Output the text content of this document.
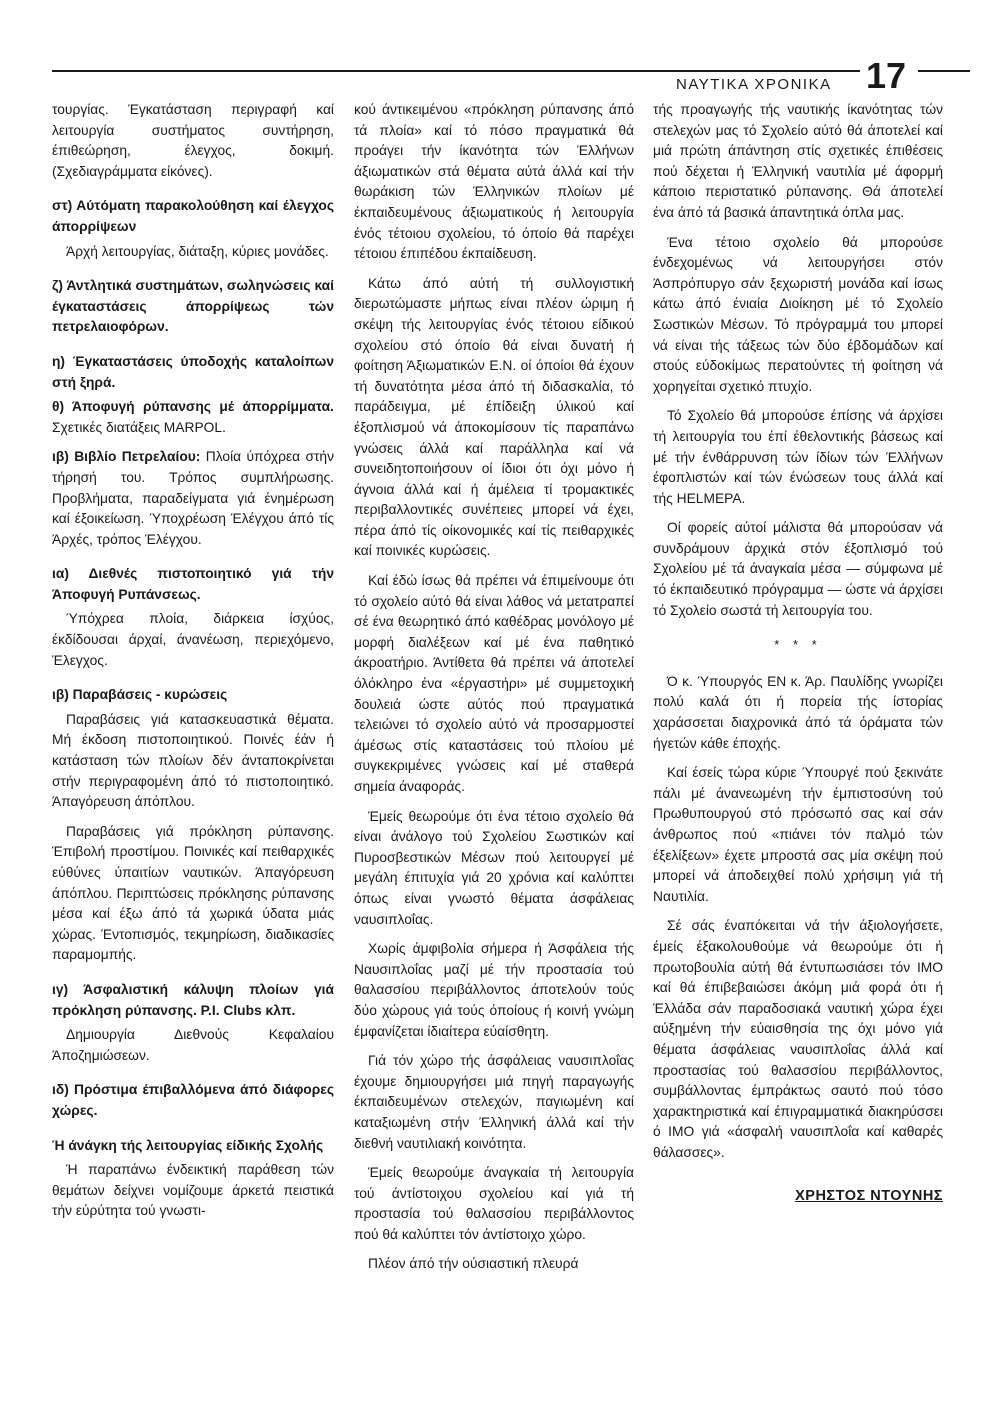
ΝΑΥΤΙΚΑ ΧΡΟΝΙΚΑ 17

τουργίας. Έγκατάσταση περιγραφή καί λειτουργία συστήματος συντήρηση, έπιθεώρηση, έλεγχος, δοκιμή. (Σχεδιαγράμματα είκόνες).

στ) Αύτόματη παρακολούθηση καί έλεγχος άπορρίψεων

Άρχή λειτουργίας, διάταξη, κύριες μονάδες.

ζ) Άντλητικά συστημάτων, σωληνώσεις καί έγκαταστάσεις άπορρίψεως τών πετρελαιοφόρων.

η) Έγκαταστάσεις ύποδοχής καταλοίπων στή ξηρά.

θ) Άποφυγή ρύπανσης μέ άπορρίμματα. Σχετικές διατάξεις MARPOL.

ιβ) Βιβλίο Πετρελαίου: Πλοία ύπόχρεα στήν τήρησή του. Τρόπος συμπλήρωσης. Προβλήματα, παραδείγματα γιά ένημέρωση καί έξοικείωση. Ύποχρέωση Έλέγχου άπό τίς Άρχές, τρόπος Έλέγχου.

ια) Διεθνές πιστοποιητικό γιά τήν Άποφυγή Ρυπάνσεως.

Ύπόχρεα πλοία, διάρκεια ίσχύος, έκδίδουσαι άρχαί, άνανέωση, περιεχόμενο, Έλεγχος.

ιβ) Παραβάσεις - κυρώσεις

Παραβάσεις γιά κατασκευαστικά θέματα. Μή έκδοση πιστοποιητικού. Ποινές έάν ή κατάσταση τών πλοίων δέν άνταποκρίνεται στήν περιγραφομένη άπό τό πιστοποιητικό. Άπαγόρευση άπόπλου.

Παραβάσεις γιά πρόκληση ρύπανσης. Έπιβολή προστίμου. Ποινικές καί πειθαρχικές εύθύνες ύπαιτίων ναυτικών. Άπαγόρευση άπόπλου. Περιπτώσεις πρόκλησης ρύπανσης μέσα καί έξω άπό τά χωρικά ύδατα μιάς χώρας. Έντοπισμός, τεκμηρίωση, διαδικασίες παραμομπής.

ιγ) Άσφαλιστική κάλυψη πλοίων γιά πρόκληση ρύπανσης. P.I. Clubs κλπ.

Δημιουργία Διεθνούς Κεφαλαίου Άποζημιώσεων.

ιδ) Πρόστιμα έπιβαλλόμενα άπό διάφορες χώρες.

Ή άνάγκη τής λειτουργίας είδικής Σχολής

Ή παραπάνω ένδεικτική παράθεση τών θεμάτων δείχνει νομίζουμε άρκετά πειστικά τήν εύρύτητα τού γνωστι-

κού άντικειμένου «πρόκληση ρύπανσης άπό τά πλοία» καί τό πόσο πραγματικά θά προάγει τήν ίκανότητα τών Έλλήνων άξιωματικών στά θέματα αύτά άλλά καί τήν θωράκιση τών Έλληνικών πλοίων μέ έκπαιδευμένους άξιωματικούς ή λειτουργία ένός τέτοιου σχολείου, τό όποίο θά παρέχει τέτοιου έπιπέδου έκπαίδευση.

Κάτω άπό αύτή τή συλλογιστική διερωτώμαστε μήπως είναι πλέον ώριμη ή σκέψη τής λειτουργίας ένός τέτοιου είδικού σχολείου στό όποίο θά είναι δυνατή ή φοίτηση Άξιωματικών Ε.Ν. οί όποίοι θά έχουν τή δυνατότητα μέσα άπό τή διδασκαλία, τό παράδειγμα, μέ έπίδειξη ύλικού καί έξοπλισμού νά άποκομίσουν τίς παραπάνω γνώσεις άλλά καί παράλληλα καί νά συνειδητοποιήσουν οί ίδιοι ότι όχι μόνο ή άγνοια άλλά καί ή άμέλεια τί τρομακτικές περιβαλλοντικές συνέπειες μπορεί νά έχει, πέρα άπό τίς οίκονομικές καί τίς πειθαρχικές καί ποινικές κυρώσεις.

Καί έδώ ίσως θά πρέπει νά έπιμείνουμε ότι τό σχολείο αύτό θά είναι λάθος νά μετατραπεί σέ ένα θεωρητικό άπό καθέδρας μονόλογο μέ μορφή διαλέξεων καί μέ ένα παθητικό άκροατήριο. Άντίθετα θά πρέπει νά άποτελεί όλόκληρο ένα «έργαστήρι» μέ συμμετοχική δουλειά ώστε αύτός πού πραγματικά τελειώνει τό σχολείο αύτό νά προσαρμοστεί άμέσως στίς καταστάσεις τού πλοίου μέ συγκεκριμένες γνώσεις καί μέ σταθερά σημεία άναφοράς.

Έμείς θεωρούμε ότι ένα τέτοιο σχολείο θά είναι άνάλογο τού Σχολείου Σωστικών καί Πυροσβεστικών Μέσων πού λειτουργεί μέ μεγάλη έπιτυχία γιά 20 χρόνια καί καλύπτει όπως είναι γνωστό θέματα άσφάλειας ναυσιπλοΐας.

Χωρίς άμφιβολία σήμερα ή Άσφάλεια τής Ναυσιπλοΐας μαζί μέ τήν προστασία τού θαλασσίου περιβάλλοντος άποτελούν τούς δύο χώρους γιά τούς όποίους ή κοινή γνώμη έμφανίζεται ίδιαίτερα εύαίσθητη.

Γιά τόν χώρο τής άσφάλειας ναυσιπλοΐας έχουμε δημιουργήσει μιά πηγή παραγωγής έκπαιδευμένων στελεχών, παγιωμένη καί καταξιωμένη στήν Έλληνική άλλά καί τήν διεθνή ναυτιλιακή κοινότητα.

Έμείς θεωρούμε άναγκαία τή λειτουργία τού άντίστοιχου σχολείου καί γιά τή προστασία τού θαλασσίου περιβάλλοντος πού θά καλύπτει τόν άντίστοιχο χώρο.

Πλέον άπό τήν ούσιαστική πλευρά

τής προαγωγής τής ναυτικής ίκανότητας τών στελεχών μας τό Σχολείο αύτό θά άποτελεί καί μιά πρώτη άπάντηση στίς σχετικές έπιθέσεις πού δέχεται ή Έλληνική ναυτιλία μέ άφορμή κάποιο περιστατικό ρύπανσης. Θά άποτελεί ένα άπό τά βασικά άπαντητικά όπλα μας.

Ένα τέτοιο σχολείο θά μπορούσε ένδεχομένως νά λειτουργήσει στόν Άσπρόπυργο σάν ξεχωριστή μονάδα καί ίσως κάτω άπό ένιαία Διοίκηση μέ τό Σχολείο Σωστικών Μέσων. Τό πρόγραμμά του μπορεί νά είναι τής τάξεως τών δύο έβδομάδων καί στούς εύδοκίμως περατούντες τή φοίτηση νά χορηγείται σχετικό πτυχίο.

Τό Σχολείο θά μπορούσε έπίσης νά άρχίσει τή λειτουργία του έπί έθελοντικής βάσεως καί μέ τήν ένθάρρυνση τών ίδίων τών Έλλήνων έφοπλιστών καί τών ένώσεων τους άλλά καί τής HELMEPA.

Οί φορείς αύτοί μάλιστα θά μπορούσαν νά συνδράμουν άρχικά στόν έξοπλισμό τού Σχολείου μέ τά άναγκαία μέσα — σύμφωνα μέ τό έκπαιδευτικό πρόγραμμα — ώστε νά άρχίσει τό Σχολείο σωστά τή λειτουργία του.

* * *

Ό κ. Ύπουργός ΕΝ κ. Άρ. Παυλίδης γνωρίζει πολύ καλά ότι ή πορεία τής ίστορίας χαράσσεται διαχρονικά άπό τά όράματα τών ήγετών κάθε έποχής.

Καί έσείς τώρα κύριε Ύπουργέ πού ξεκινάτε πάλι μέ άνανεωμένη τήν έμπιστοσύνη τού Πρωθυπουργού στό πρόσωπό σας καί σάν άνθρωπος πού «πιάνει τόν παλμό τών έξελίξεων» έχετε μπροστά σας μία σκέψη πού μπορεί νά άποδειχθεί πολύ χρήσιμη γιά τή Ναυτιλία.

Σέ σάς έναπόκειται νά τήν άξιολογήσετε, έμείς έξακολουθούμε νά θεωρούμε ότι ή πρωτοβουλία αύτή θά έντυπωσιάσει τόν ΙΜΟ καί θά έπιβεβαιώσει άκόμη μιά φορά ότι ή Έλλάδα σάν παραδοσιακά ναυτική χώρα έχει αύξημένη τήν εύαισθησία της όχι μόνο γιά θέματα άσφάλειας ναυσιπλοΐας άλλά καί προστασίας τού θαλασσίου περιβάλλοντος, συμβάλλοντας έμπράκτως σαυτό πού τόσο χαρακτηριστικά καί έπιγραμματικά διακηρύσσει ό ΙΜΟ γιά «άσφαλή ναυσιπλοΐα καί καθαρές θάλασσες».

ΧΡΗΣΤΟΣ ΝΤΟΥΝΗΣ
